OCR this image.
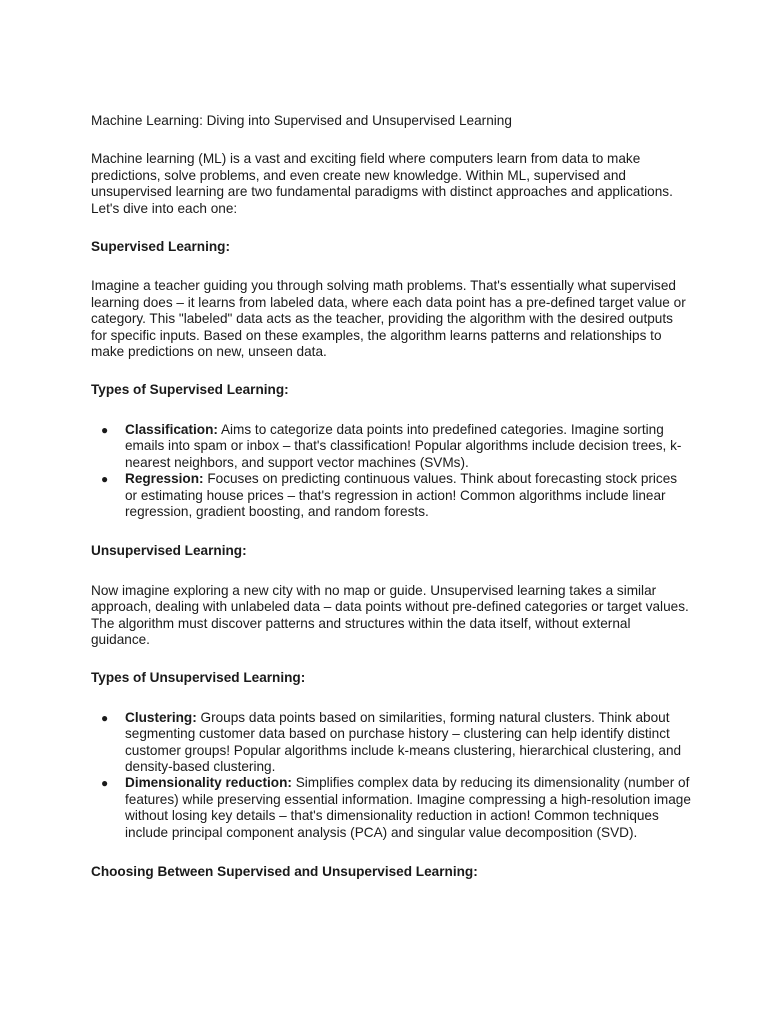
Machine Learning: Diving into Supervised and Unsupervised Learning

Machine learning (ML) is a vast and exciting field where computers learn from data to make predictions, solve problems, and even create new knowledge. Within ML, supervised and unsupervised learning are two fundamental paradigms with distinct approaches and applications. Let's dive into each one:

Supervised Learning:

Imagine a teacher guiding you through solving math problems. That's essentially what supervised learning does – it learns from labeled data, where each data point has a pre-defined target value or category. This "labeled" data acts as the teacher, providing the algorithm with the desired outputs for specific inputs. Based on these examples, the algorithm learns patterns and relationships to make predictions on new, unseen data.

Types of Supervised Learning:
● Classification: Aims to categorize data points into predefined categories. Imagine sorting emails into spam or inbox – that's classification! Popular algorithms include decision trees, k-nearest neighbors, and support vector machines (SVMs).
● Regression: Focuses on predicting continuous values. Think about forecasting stock prices or estimating house prices – that's regression in action! Common algorithms include linear regression, gradient boosting, and random forests.
Unsupervised Learning:

Now imagine exploring a new city with no map or guide. Unsupervised learning takes a similar approach, dealing with unlabeled data – data points without pre-defined categories or target values. The algorithm must discover patterns and structures within the data itself, without external guidance.

Types of Unsupervised Learning:
● Clustering: Groups data points based on similarities, forming natural clusters. Think about segmenting customer data based on purchase history – clustering can help identify distinct customer groups! Popular algorithms include k-means clustering, hierarchical clustering, and density-based clustering.
● Dimensionality reduction: Simplifies complex data by reducing its dimensionality (number of features) while preserving essential information. Imagine compressing a high-resolution image without losing key details – that's dimensionality reduction in action! Common techniques include principal component analysis (PCA) and singular value decomposition (SVD).
Choosing Between Supervised and Unsupervised Learning:
